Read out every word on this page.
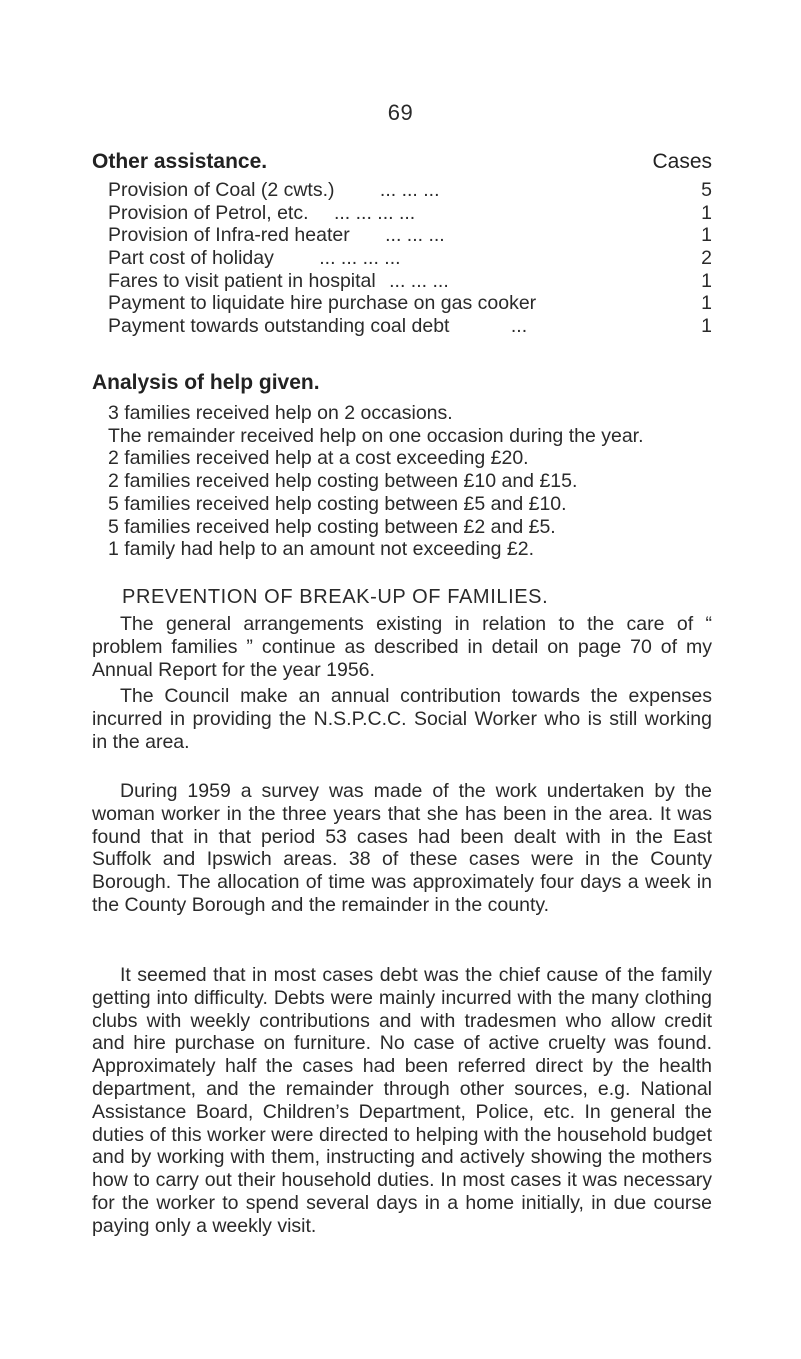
69
Other assistance.	Cases
Provision of Coal (2 cwts.) ... ... ...	5
Provision of Petrol, etc. ... ... ... ...	1
Provision of Infra-red heater ... ... ...	1
Part cost of holiday ... ... ... ...	2
Fares to visit patient in hospital ... ... ...	1
Payment to liquidate hire purchase on gas cooker	1
Payment towards outstanding coal debt	...	1
Analysis of help given.
3 families received help on 2 occasions.
The remainder received help on one occasion during the year.
2 families received help at a cost exceeding £20.
2 families received help costing between £10 and £15.
5 families received help costing between £5 and £10.
5 families received help costing between £2 and £5.
1 family had help to an amount not exceeding £2.
PREVENTION OF BREAK-UP OF FAMILIES.

The general arrangements existing in relation to the care of “ problem families ” continue as described in detail on page 70 of my Annual Report for the year 1956.

The Council make an annual contribution towards the expenses incurred in providing the N.S.P.C.C. Social Worker who is still working in the area.

During 1959 a survey was made of the work undertaken by the woman worker in the three years that she has been in the area. It was found that in that period 53 cases had been dealt with in the East Suffolk and Ipswich areas. 38 of these cases were in the County Borough. The allocation of time was approximately four days a week in the County Borough and the remainder in the county.

It seemed that in most cases debt was the chief cause of the family getting into difficulty. Debts were mainly incurred with the many clothing clubs with weekly contributions and with tradesmen who allow credit and hire purchase on furniture. No case of active cruelty was found. Approximately half the cases had been referred direct by the health department, and the remainder through other sources, e.g. National Assistance Board, Children’s Department, Police, etc. In general the duties of this worker were directed to helping with the household budget and by working with them, instructing and actively showing the mothers how to carry out their household duties. In most cases it was necessary for the worker to spend several days in a home initially, in due course paying only a weekly visit.
